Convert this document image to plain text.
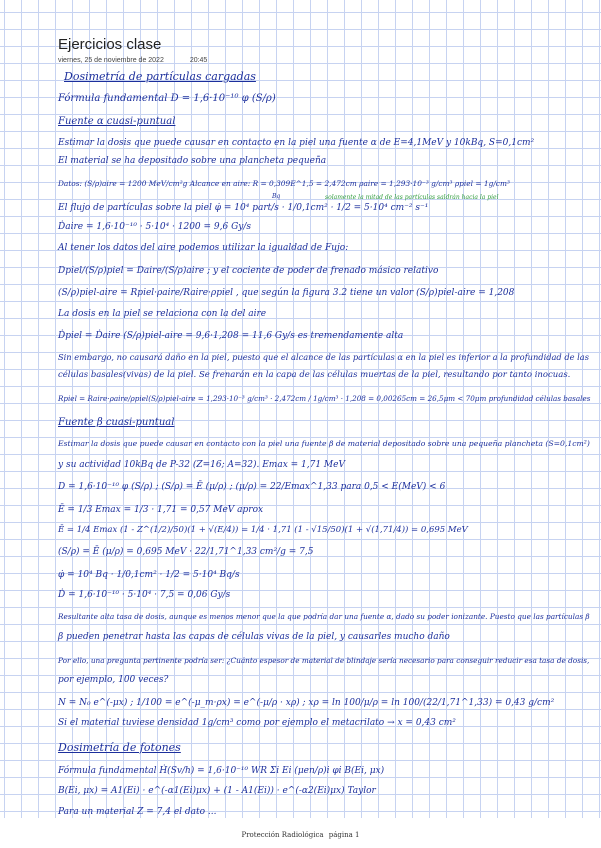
Ejercicios clase
viernes, 25 de noviembre de 2022	20:45
Dosimetría de partículas cargadas
Fórmula fundamental D = 1,6·10⁻¹⁰ φ (S/ρ)
Fuente α cuasi-puntual
Estimar la dosis que puede causar en contacto en la piel una fuente α de E=4,1MeV y 10kBq, S=0,1cm²
El material se ha depositado sobre una plancheta pequeña
Datos: (S/ρ)aire = 1200 MeV/cm²g Alcance en aire: R = 0,309E^1,5 = 2,472cm ρaire = 1,293·10⁻³ g/cm³ ρpiel = 1g/cm³
Bq	solamente la mitad de las partículas saldrán hacia la piel
El flujo de partículas sobre la piel φ̇ = 10⁴ part/s · 1/0,1cm² · 1/2 = 5·10⁴ cm⁻² s⁻¹
Ḋaire = 1,6·10⁻¹⁰ · 5·10⁴ · 1200 = 9,6 Gy/s
Al tener los datos del aire podemos utilizar la igualdad de Fujo:
Dpiel/(S/ρ)piel = Daire/(S/ρ)aire ; y el cociente de poder de frenado másico relativo
(S/ρ)piel-aire = Rpiel·ρaire/Raire·ρpiel , que según la figura 3.2 tiene un valor (S/ρ)piel-aire = 1,208
La dosis en la piel se relaciona con la del aire
Ḋpiel = Ḋaire (S/ρ)piel-aire = 9,6·1,208 = 11,6 Gy/s es tremendamente alta
Sin embargo, no causará daño en la piel, puesto que el alcance de las partículas α en la piel es inferior a la profundidad de las
células basales(vivas) de la piel. Se frenarán en la capa de las células muertas de la piel, resultando por tanto inocuas.
Rpiel = Raire·ρaire/ρpiel(S/ρ)piel-aire = 1,293·10⁻³ g/cm³ · 2,472cm / 1g/cm³ · 1,208 = 0,00265cm = 26,5μm < 70μm profundidad células basales
Fuente β cuasi-puntual
Estimar la dosis que puede causar en contacto con la piel una fuente β de material depositado sobre una pequeña plancheta (S=0,1cm²)
y su actividad 10kBq de P-32 (Z=16; A=32). Emax = 1,71 MeV
D = 1,6·10⁻¹⁰ φ (S/ρ) ; (S/ρ) = Ē (μ/ρ) ; (μ/ρ) = 22/Emax^1,33 para 0,5 < E(MeV) < 6
Ē = 1/3 Emax = 1/3 · 1,71 = 0,57 MeV aprox
Ē = 1/4 Emax (1 - Z^(1/2)/50)(1 + √(E/4)) = 1/4 · 1,71 (1 - √15/50)(1 + √(1,71/4)) = 0,695 MeV
(S/ρ) = Ē (μ/ρ) = 0,695 MeV · 22/1,71^1,33 cm²/g = 7,5
φ̇ = 10⁴ Bq · 1/0,1cm² · 1/2 = 5·10⁴ Bq/s
Ḋ = 1,6·10⁻¹⁰ · 5·10⁴ · 7,5 = 0,06 Gy/s
Resultante alta tasa de dosis, aunque es menos menor que la que podría dar una fuente α, dado su poder ionizante. Puesto que las partículas β
β pueden penetrar hasta las capas de células vivas de la piel, y causarles mucho daño
Por ello, una pregunta pertinente podría ser: ¿Cuánto espesor de material de blindaje sería necesario para conseguir reducir esa tasa de dosis,
por ejemplo, 100 veces?
N = N₀ e^(-μx) ; 1/100 = e^(-μ_m·ρx) = e^(-μ/ρ · xρ) ; xρ = ln 100/μ/ρ = ln 100/(22/1,71^1,33) = 0,43 g/cm²
Si el material tuviese densidad 1g/cm³ como por ejemplo el metacrilato → x = 0,43 cm²
Dosimetría de fotones
Fórmula fundamental Ḣ(Sv/h) = 1,6·10⁻¹⁰ WR Σi Ei (μen/ρ)i φi B(Ei, μx)
B(Ei, μx) = A1(Ei) · e^(-α1(Ei)μx) + (1 - A1(Ei)) · e^(-α2(Ei)μx) Taylor
Para un material Z = 7,4 el dato ...
Protección Radiológica página 1
